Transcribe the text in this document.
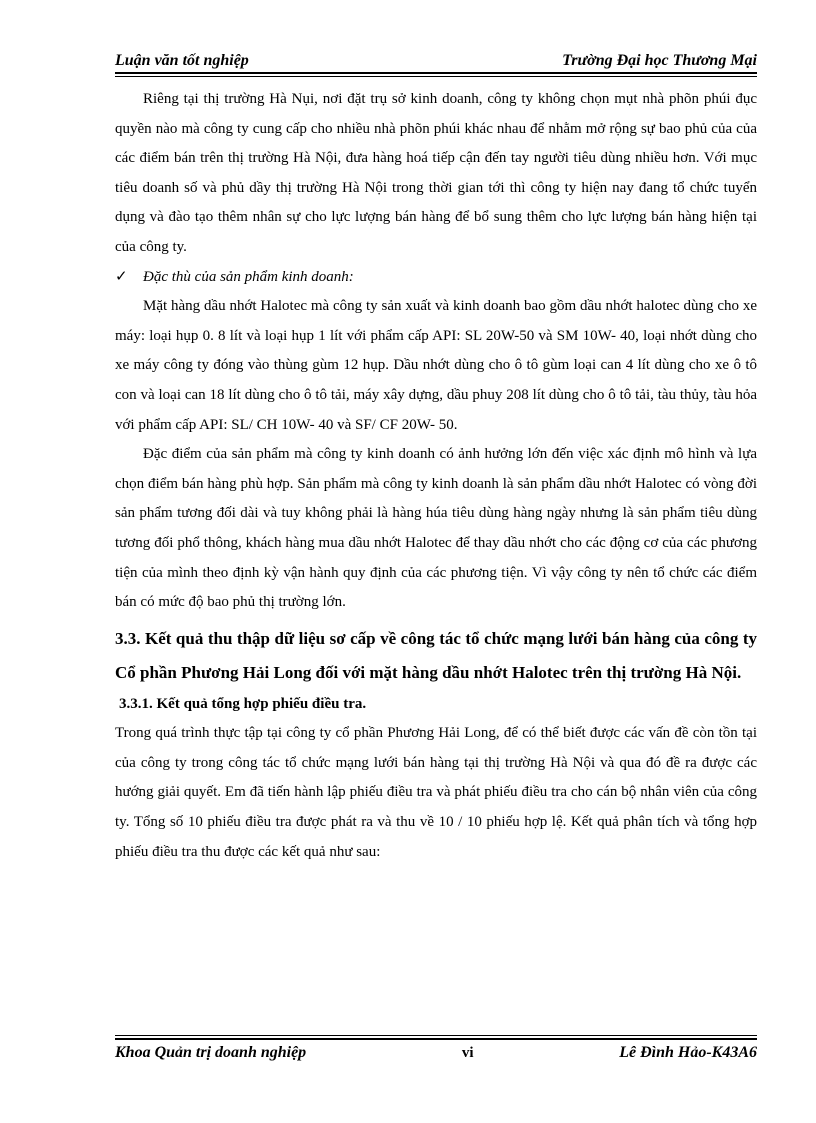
Luận văn tốt nghiệp	Trường Đại học Thương Mại

Riêng tại thị trường Hà Nụi, nơi đặt trụ sở kinh doanh, công ty không chọn mụt nhà phõn phúi đục quyền nào mà công ty cung cấp cho nhiều nhà phõn phúi khác nhau để nhằm mở rộng sự bao phủ của của các điểm bán trên thị trường Hà Nội, đưa hàng hoá tiếp cận đến tay người tiêu dùng nhiều hơn. Với mục tiêu doanh số và phủ dầy thị trường Hà Nội trong thời gian tới thì công ty hiện nay đang tổ chức tuyển dụng và đào tạo thêm nhân sự cho lực lượng bán hàng để bổ sung thêm cho lực lượng bán hàng hiện tại của công ty.

✓ Đặc thù của sản phẩm kinh doanh:

Mặt hàng dầu nhớt Halotec mà công ty sản xuất và kinh doanh bao gồm dầu nhớt halotec dùng cho xe máy: loại hụp 0. 8 lít và loại hụp 1 lít với phẩm cấp API: SL 20W-50 và SM 10W- 40, loại nhớt dùng cho xe máy công ty đóng vào thùng gùm 12 hụp. Dầu nhớt dùng cho ô tô gùm loại can 4 lít dùng cho xe ô tô con và loại can 18 lít dùng cho ô tô tải, máy xây dựng, dầu phuy 208 lít dùng cho ô tô tải, tàu thủy, tàu hỏa với phẩm cấp API: SL/ CH 10W- 40 và SF/ CF 20W- 50.

Đặc điểm của sản phẩm mà công ty kinh doanh có ảnh hưởng lớn đến việc xác định mô hình và lựa chọn điểm bán hàng phù hợp. Sản phẩm mà công ty kinh doanh là sản phẩm dầu nhớt Halotec có vòng đời sản phẩm tương đối dài và tuy không phải là hàng húa tiêu dùng hàng ngày nhưng là sản phẩm tiêu dùng tương đối phổ thông, khách hàng mua dầu nhớt Halotec để thay dầu nhớt cho các động cơ của các phương tiện của mình theo định kỳ vận hành quy định của các phương tiện. Vì vậy công ty nên tổ chức các điểm bán có mức độ bao phủ thị trường lớn.

3.3. Kết quả thu thập dữ liệu sơ cấp về công tác tổ chức mạng lưới bán hàng của công ty Cổ phần Phương Hải Long đối với mặt hàng dầu nhớt Halotec trên thị trường Hà Nội.
3.3.1. Kết quả tổng hợp phiếu điều tra.

Trong quá trình thực tập tại công ty cổ phần Phương Hải Long, để có thể biết được các vấn đề còn tồn tại của công ty trong công tác tổ chức mạng lưới bán hàng tại thị trường Hà Nội và qua đó đề ra được các hướng giải quyết. Em đã tiến hành lập phiếu điều tra và phát phiếu điều tra cho cán bộ nhân viên của công ty. Tổng số 10 phiếu điều tra được phát ra và thu về 10 / 10 phiếu hợp lệ. Kết quả phân tích và tổng hợp phiếu điều tra thu được các kết quả như sau:

Khoa Quản trị doanh nghiệp	vi	Lê Đình Hảo-K43A6
